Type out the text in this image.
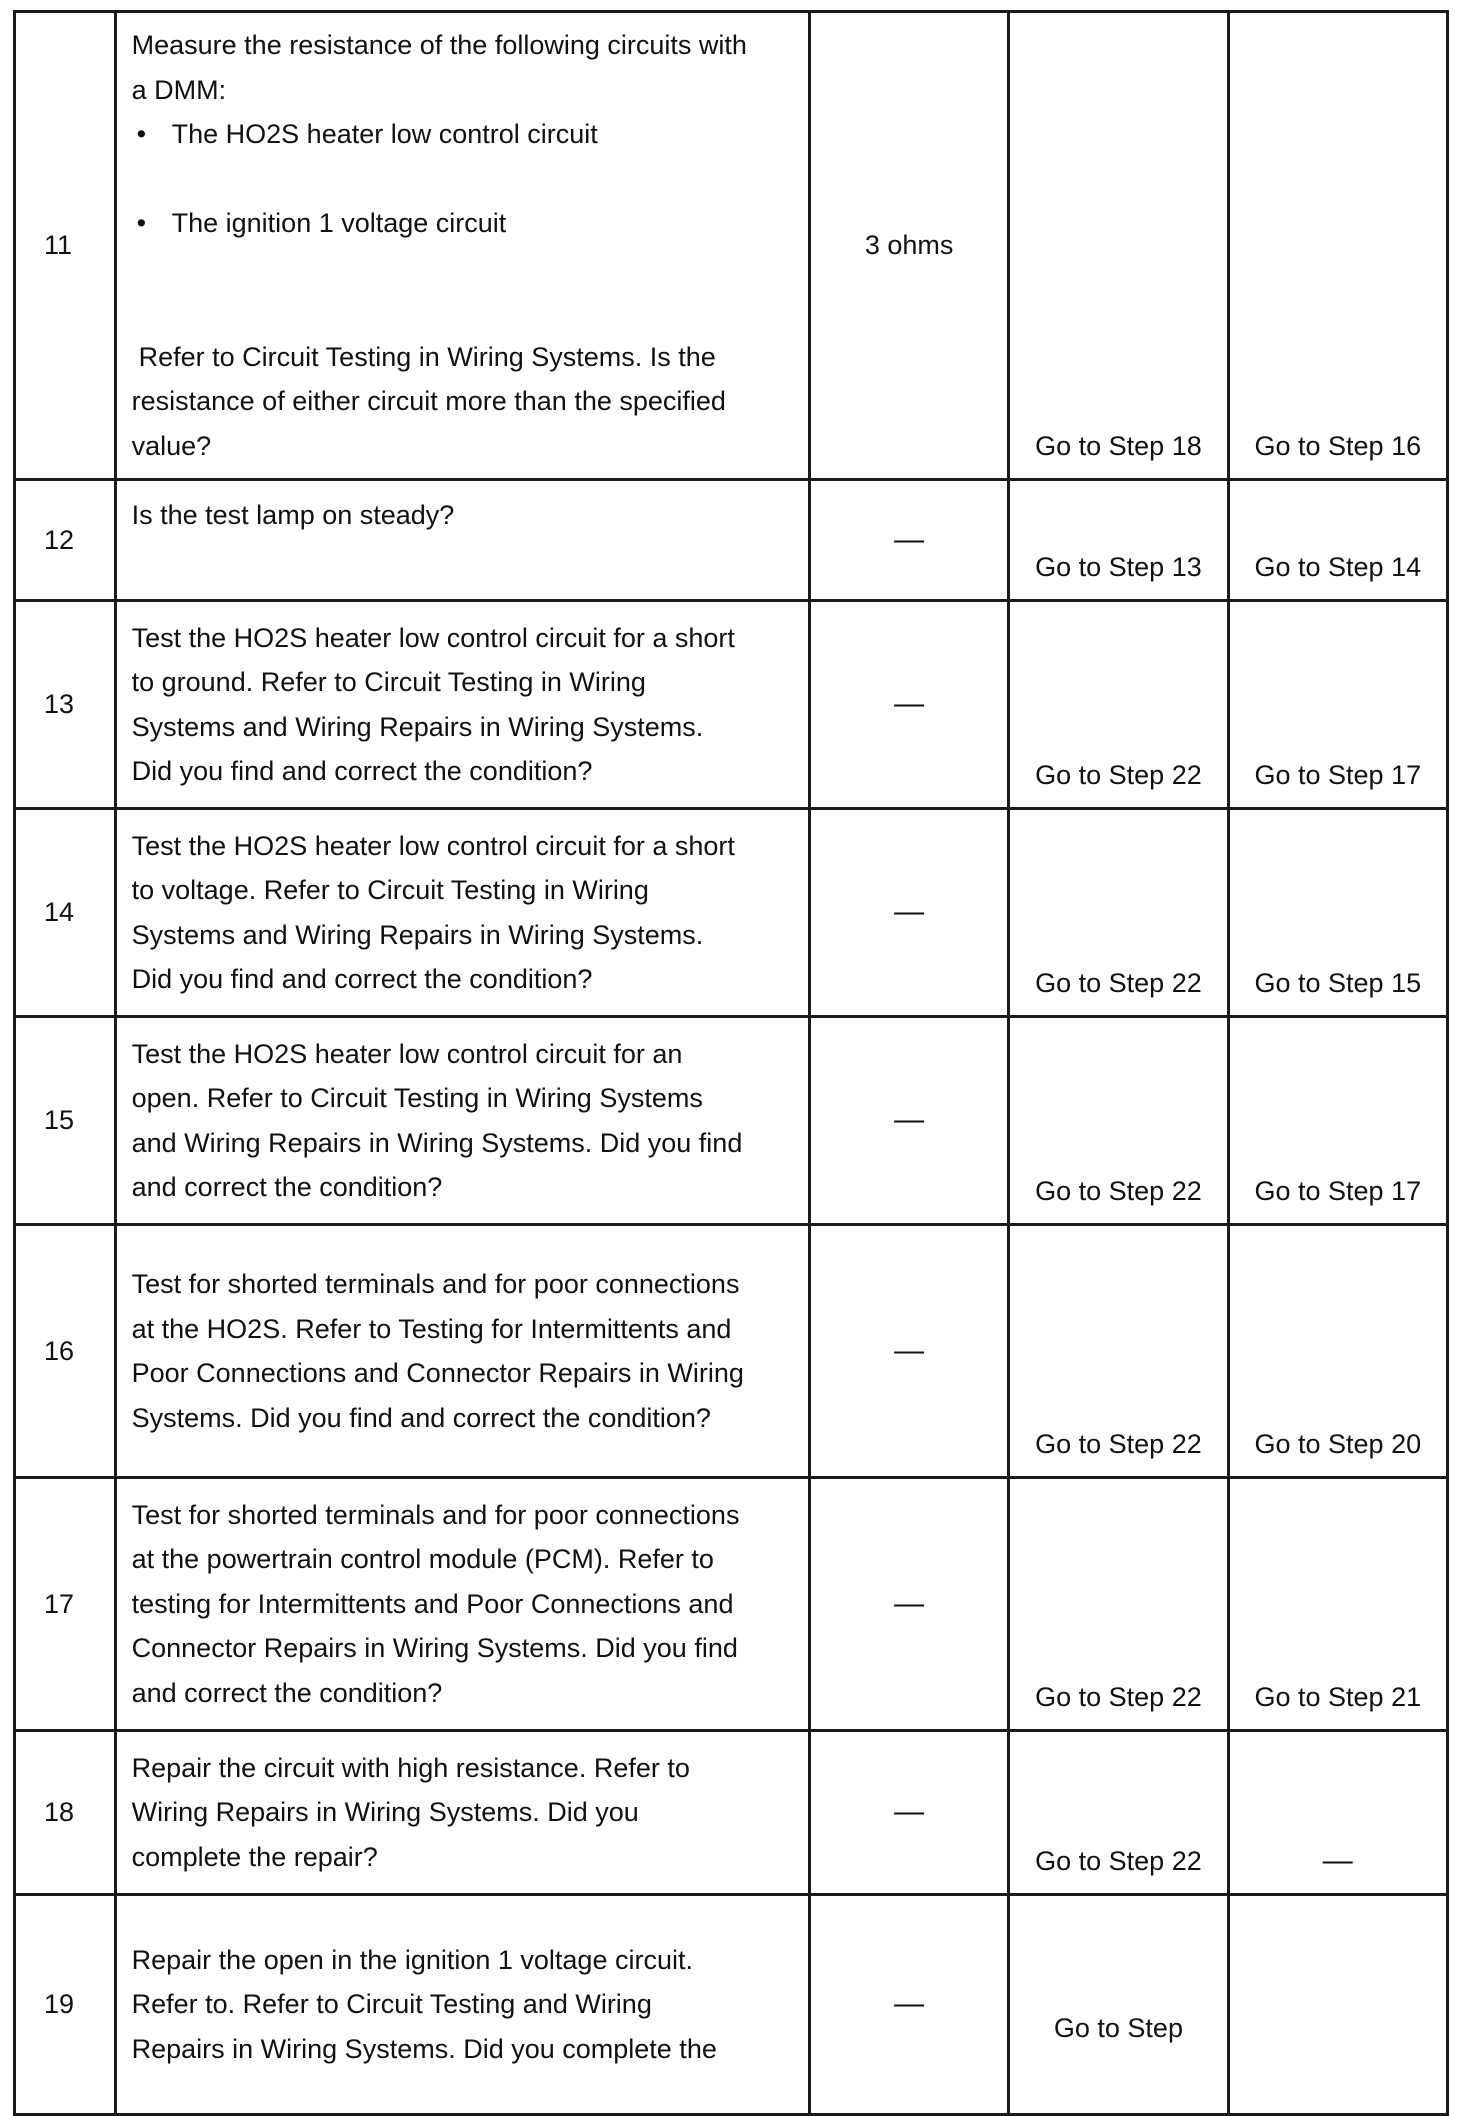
11	Measure the resistance of the following circuits with a DMM:

• The HO2S heater low control circuit

• The ignition 1 voltage circuit

Refer to Circuit Testing in Wiring Systems. Is the resistance of either circuit more than the specified value?	3 ohms	Go to Step 18	Go to Step 16
12	Is the test lamp on steady?	—	Go to Step 13	Go to Step 14
13	Test the HO2S heater low control circuit for a short to ground. Refer to Circuit Testing in Wiring Systems and Wiring Repairs in Wiring Systems. Did you find and correct the condition?	—	Go to Step 22	Go to Step 17
14	Test the HO2S heater low control circuit for a short to voltage. Refer to Circuit Testing in Wiring Systems and Wiring Repairs in Wiring Systems. Did you find and correct the condition?	—	Go to Step 22	Go to Step 15
15	Test the HO2S heater low control circuit for an open. Refer to Circuit Testing in Wiring Systems and Wiring Repairs in Wiring Systems. Did you find and correct the condition?	—	Go to Step 22	Go to Step 17
16	Test for shorted terminals and for poor connections at the HO2S. Refer to Testing for Intermittents and Poor Connections and Connector Repairs in Wiring Systems. Did you find and correct the condition?	—	Go to Step 22	Go to Step 20
17	Test for shorted terminals and for poor connections at the powertrain control module (PCM). Refer to testing for Intermittents and Poor Connections and Connector Repairs in Wiring Systems. Did you find and correct the condition?	—	Go to Step 22	Go to Step 21
18	Repair the circuit with high resistance. Refer to Wiring Repairs in Wiring Systems. Did you complete the repair?	—	Go to Step 22	—
19	Repair the open in the ignition 1 voltage circuit. Refer to. Refer to Circuit Testing and Wiring Repairs in Wiring Systems. Did you complete the	—	Go to Step	
